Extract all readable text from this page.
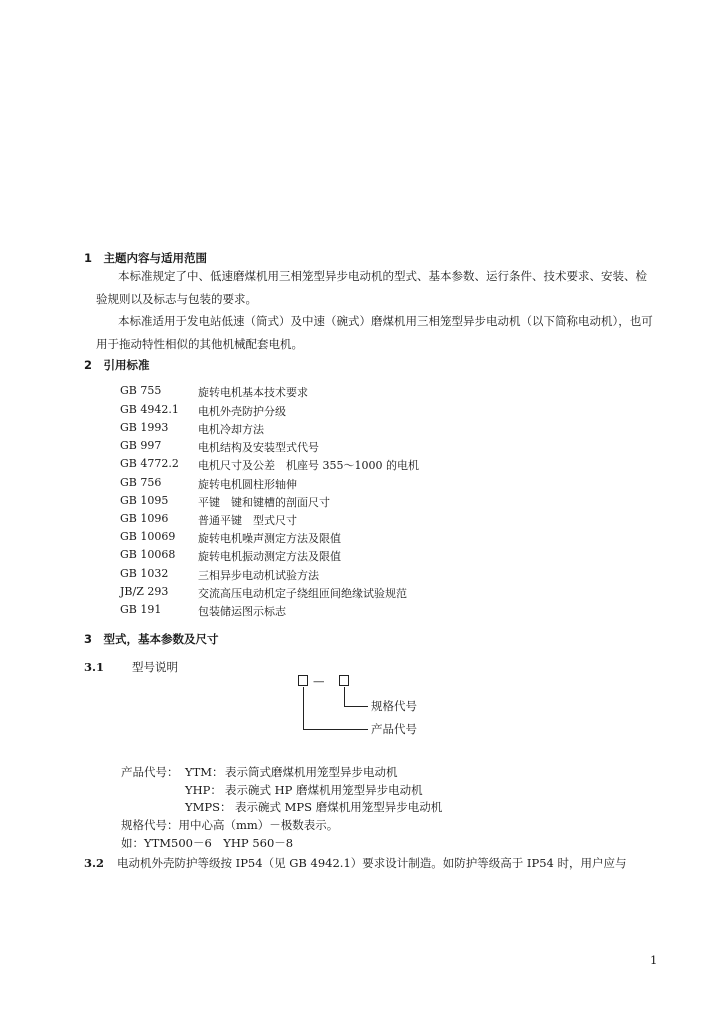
1　主题内容与适用范围
本标准规定了中、低速磨煤机用三相笼型异步电动机的型式、基本参数、运行条件、技术要求、安装、检验规则以及标志与包装的要求。
本标准适用于发电站低速（筒式）及中速（碗式）磨煤机用三相笼型异步电动机（以下简称电动机），也可用于拖动特性相似的其他机械配套电机。
2　引用标准
GB 755	旋转电机基本技术要求
GB 4942.1 电机外壳防护分级
GB 1993	电机冷却方法
GB 997	电机结构及安装型式代号
GB 4772.2 电机尺寸及公差　机座号 355～1000 的电机
GB 756	旋转电机圆柱形轴伸
GB 1095	平键　键和键槽的剖面尺寸
GB 1096	普通平键　型式尺寸
GB 10069 旋转电机噪声测定方法及限值
GB 10068 旋转电机振动测定方法及限值
GB 1032	三相异步电动机试验方法
JB/Z 293	交流高压电动机定子绕组匝间绝缘试验规范
GB 191	包装储运图示标志
3　型式，基本参数及尺寸
3.1 型号说明
—
规格代号
产品代号
产品代号： YTM： 表示筒式磨煤机用笼型异步电动机
YHP： 表示碗式 HP 磨煤机用笼型异步电动机
YMPS： 表示碗式 MPS 磨煤机用笼型异步电动机
规格代号：用中心高（mm）－极数表示。
如：YTM500－6　YHP 560－8
3.2 电动机外壳防护等级按 IP54（见 GB 4942.1）要求设计制造。如防护等级高于 IP54 时，用户应与
1
